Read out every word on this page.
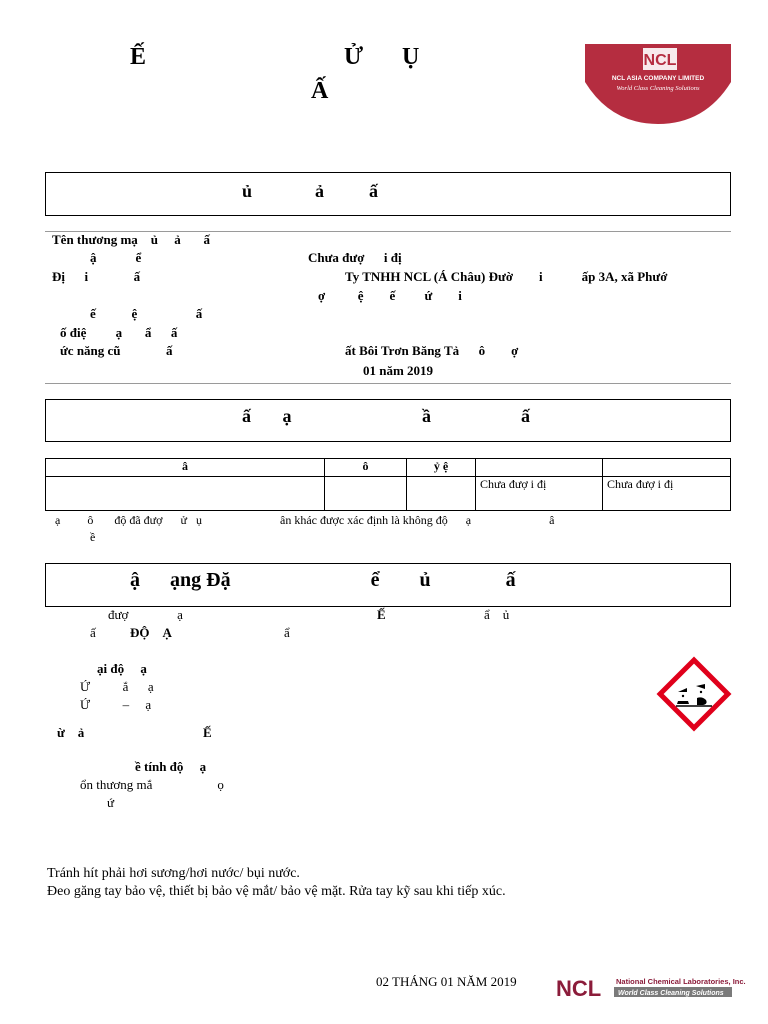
Ế	Ử Ụ
Ấ
NCL
NCL ASIA COMPANY LIMITED
World Class Cleaning Solutions
ủ              ả          ấ
Tên thương mạ    ủ     ả       ấ
ậ            ể	Chưa đượ      i đị
Đị      i              ấ	Ty TNHH NCL (Á Châu) Đườ        i            ấp 3A, xã Phướ
ợ          ệ        ế         ứ        i
ế           ệ                  ấ
ố điệ         ạ       ẩ      ấ
ức năng cũ              ấ	ất Bôi Trơn Băng Tả      ô        ợ
01 năm 2019
ấ       ạ                             ầ                    ấ
â	ô	ỷ ệ		
			Chưa đượ i đị	Chưa đượ i đị
ạ         ô       độ đã đượ      ử   ụ                          ân khác được xác định là không độ      ạ                          â
ề
ậ      ạng Đặ                            ể        ủ               ấ
đượ               ạ	Ế	ẩ    ủ
ấ	ĐỘ    Ạ	ẩ
ại độ     ạ
Ứ          ắ      ạ
Ứ          –     ạ
ừ    ả	Ế
ề tính độ     ạ
ổn thương mắ                    ọ
ứ
Tránh hít phải hơi sương/hơi nước/ bụi nước.
Đeo găng tay bảo vệ, thiết bị bảo vệ mắt/ bảo vệ mặt. Rửa tay kỹ sau khi tiếp xúc.
02 THÁNG 01 NĂM 2019 NCL National Chemical Laboratories, Inc.
World Class Cleaning Solutions
